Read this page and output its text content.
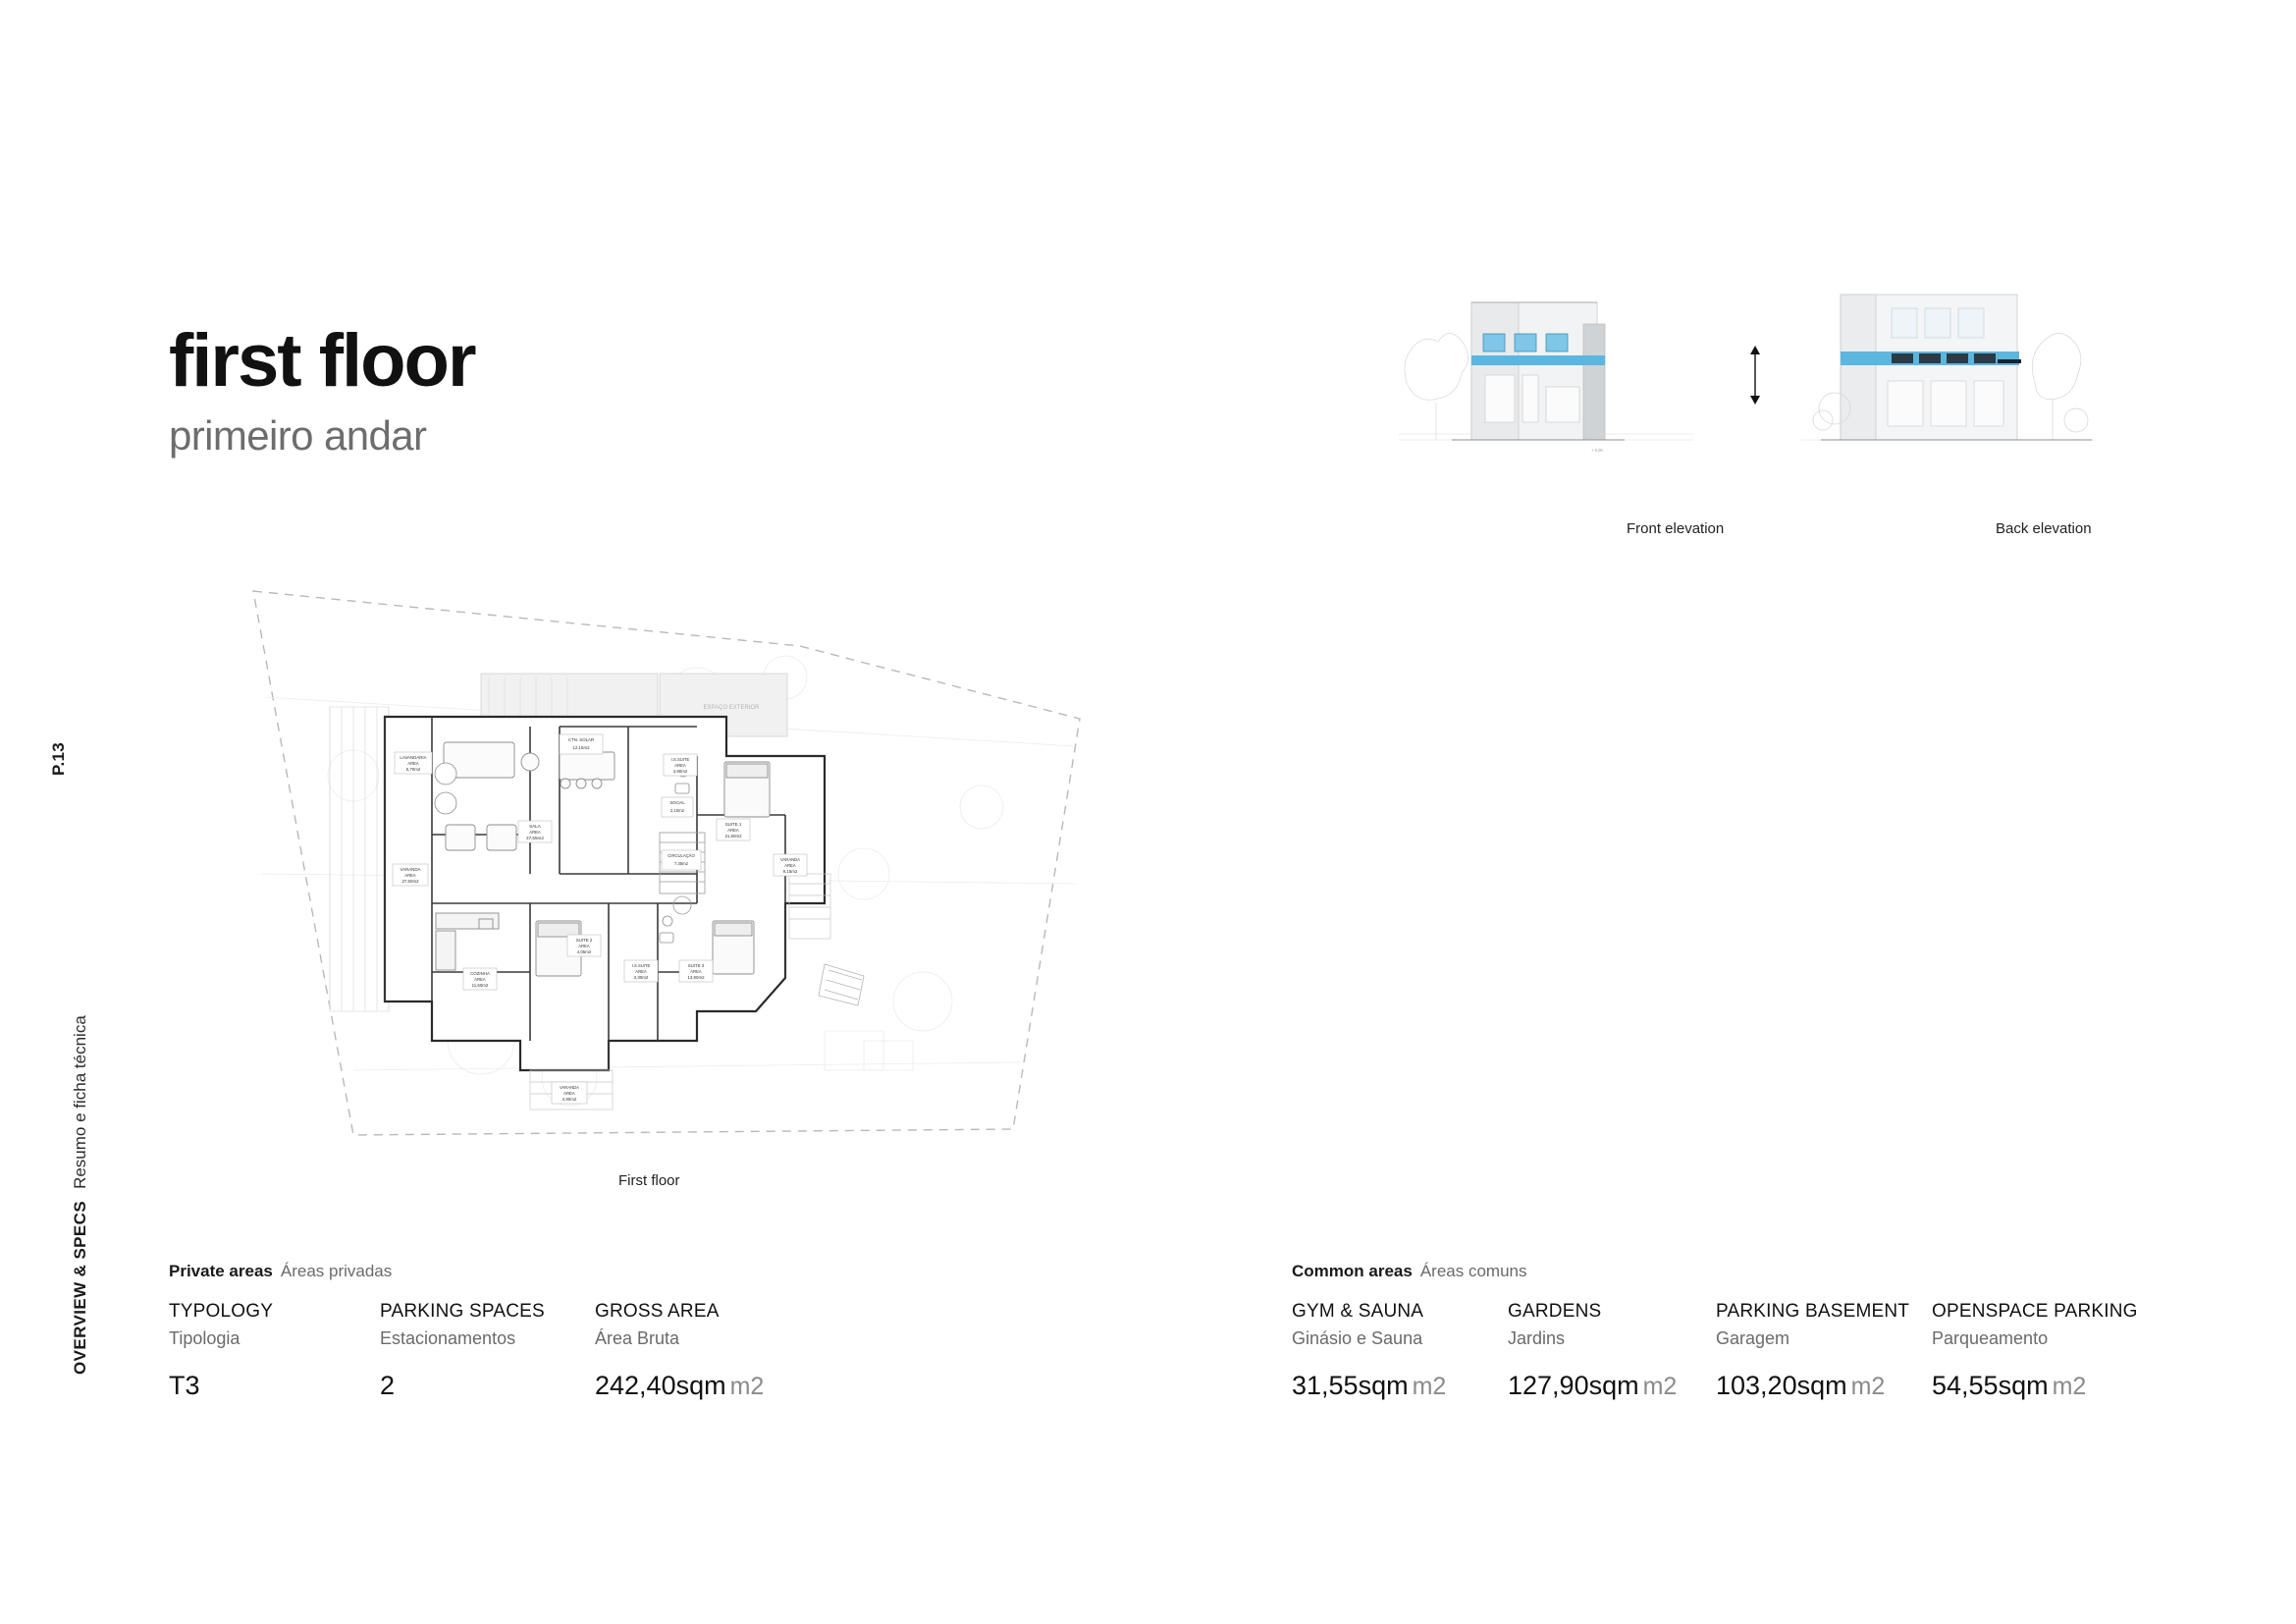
P.13
OVERVIEW & SPECSResumo e ficha técnica
first floor
primeiro andar	+ 0,00
Front elevation	Back elevation
ESPAÇO EXTERIOR
LAVANDARIA
AREA
5,70m2
SALA
AREA
37,55m2
COZINHA
AREA
11,60m2
VARANDA
AREA
27,50m2
CTN. SOLAR
12,15m2
I.S.SUITE
AREA
4,90m2
SUITE 1
AREA
21,50m2
SOCIAL
2,10m2
CIRCULAÇÃO
7,35m2
VARANDA
AREA
9,15m2
SUITE 2
AREA
4,05m2
I.S.SUITE
AREA
3,30m2
SUITE 3
AREA
13,90m2
VARANDA
AREA
4,90m2
First floor
Private areas Áreas privadas
TYPOLOGY
Tipologia
T3
PARKING SPACES
Estacionamentos
2
GROSS AREA
Área Bruta
242,40sqm m2
Common areas Áreas comuns
GYM & SAUNA
Ginásio e Sauna
31,55sqm m2
GARDENS
Jardins
127,90sqm m2
PARKING BASEMENT
Garagem
103,20sqm m2
OPENSPACE PARKING
Parqueamento
54,55sqm m2
